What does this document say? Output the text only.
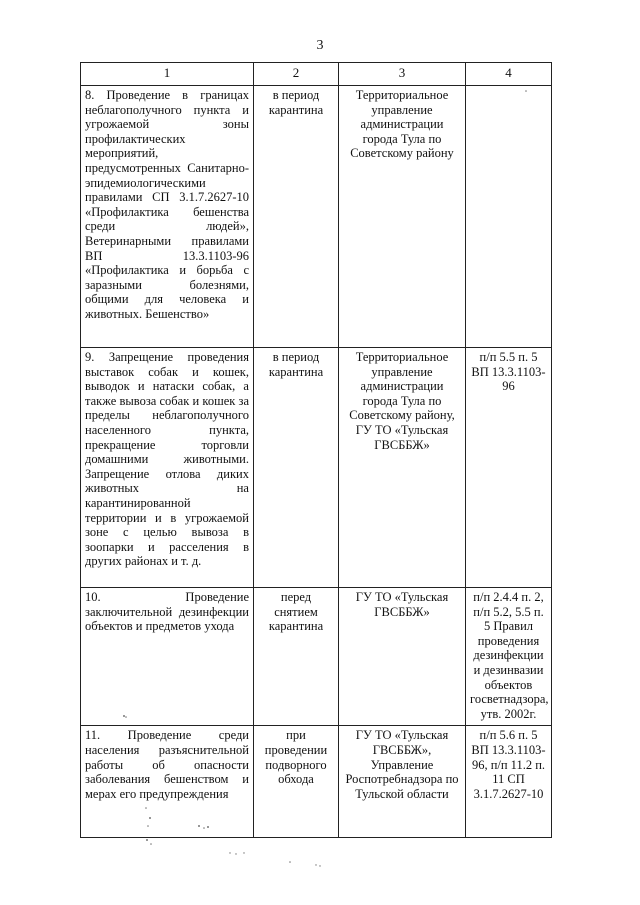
3
1	2	3	4
8. Проведение в границах неблагополучного пункта и угрожаемой зоны профилактических мероприятий, предусмотренных Санитарно-эпидемиологическими правилами СП 3.1.7.2627-10 «Профилактика бешенства среди людей», Ветеринарными правилами ВП 13.3.1103-96 «Профилактика и борьба с заразными болезнями, общими для человека и животных. Бешенство»	в период карантина	Территориальное управление администрации города Тула по Советскому району	
9. Запрещение проведения выставок собак и кошек, выводок и натаски собак, а также вывоза собак и кошек за пределы неблагополучного населенного пункта, прекращение торговли домашними животными. Запрещение отлова диких животных на карантинированной территории и в угрожаемой зоне с целью вывоза в зоопарки и расселения в других районах и т. д.	в период карантина	Территориальное управление администрации города Тула по Советскому району, ГУ ТО «Тульская ГВСББЖ»	п/п 5.5 п. 5 ВП 13.3.1103-96
10. Проведение заключительной дезинфекции объектов и предметов ухода	перед снятием карантина	ГУ ТО «Тульская ГВСББЖ»	п/п 2.4.4 п. 2, п/п 5.2, 5.5 п. 5 Правил проведения дезинфекции и дезинвазии объектов госветнадзора, утв. 2002г.
11. Проведение среди населения разъяснительной работы об опасности заболевания бешенством и мерах его предупреждения	при проведении подворного обхода	ГУ ТО «Тульская ГВСББЖ», Управление Роспотребнадзора по Тульской области	п/п 5.6 п. 5 ВП 13.3.1103-96, п/п 11.2 п. 11 СП 3.1.7.2627-10
